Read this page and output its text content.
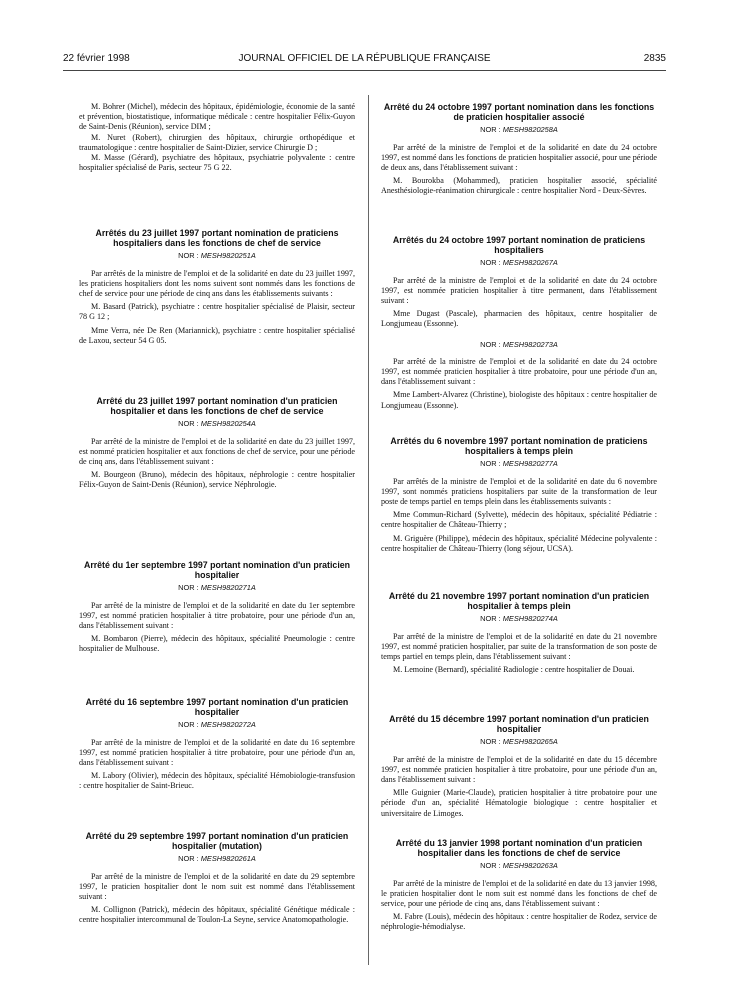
22 février 1998	JOURNAL OFFICIEL DE LA RÉPUBLIQUE FRANÇAISE	2835

M. Bohrer (Michel), médecin des hôpitaux, épidémiologie, économie de la santé et prévention, biostatistique, informatique médicale : centre hospitalier Félix-Guyon de Saint-Denis (Réunion), service DIM ;

M. Nuret (Robert), chirurgien des hôpitaux, chirurgie orthopédique et traumatologique : centre hospitalier de Saint-Dizier, service Chirurgie D ;

M. Masse (Gérard), psychiatre des hôpitaux, psychiatrie polyvalente : centre hospitalier spécialisé de Paris, secteur 75 G 22.

Arrêtés du 23 juillet 1997 portant nomination de praticiens hospitaliers dans les fonctions de chef de service
NOR : MESH9820251A

Par arrêtés de la ministre de l'emploi et de la solidarité en date du 23 juillet 1997, les praticiens hospitaliers dont les noms suivent sont nommés dans les fonctions de chef de service pour une période de cinq ans dans les établissements suivants :

M. Basard (Patrick), psychiatre : centre hospitalier spécialisé de Plaisir, secteur 78 G 12 ;

Mme Verra, née De Ren (Mariannick), psychiatre : centre hospitalier spécialisé de Laxou, secteur 54 G 05.

Arrêté du 23 juillet 1997 portant nomination d'un praticien hospitalier et dans les fonctions de chef de service
NOR : MESH9820254A

Par arrêté de la ministre de l'emploi et de la solidarité en date du 23 juillet 1997, est nommé praticien hospitalier et aux fonctions de chef de service, pour une période de cinq ans, dans l'établissement suivant :

M. Bourgeon (Bruno), médecin des hôpitaux, néphrologie : centre hospitalier Félix-Guyon de Saint-Denis (Réunion), service Néphrologie.

Arrêté du 1er septembre 1997 portant nomination d'un praticien hospitalier
NOR : MESH9820271A

Par arrêté de la ministre de l'emploi et de la solidarité en date du 1er septembre 1997, est nommé praticien hospitalier à titre probatoire, pour une période d'un an, dans l'établissement suivant :

M. Bombaron (Pierre), médecin des hôpitaux, spécialité Pneumologie : centre hospitalier de Mulhouse.

Arrêté du 16 septembre 1997 portant nomination d'un praticien hospitalier
NOR : MESH9820272A

Par arrêté de la ministre de l'emploi et de la solidarité en date du 16 septembre 1997, est nommé praticien hospitalier à titre probatoire, pour une période d'un an, dans l'établissement suivant :

M. Labory (Olivier), médecin des hôpitaux, spécialité Hémobiologie-transfusion : centre hospitalier de Saint-Brieuc.

Arrêté du 29 septembre 1997 portant nomination d'un praticien hospitalier (mutation)
NOR : MESH9820261A

Par arrêté de la ministre de l'emploi et de la solidarité en date du 29 septembre 1997, le praticien hospitalier dont le nom suit est nommé dans l'établissement suivant :

M. Collignon (Patrick), médecin des hôpitaux, spécialité Génétique médicale : centre hospitalier intercommunal de Toulon-La Seyne, service Anatomopathologie.

Arrêté du 24 octobre 1997 portant nomination dans les fonctions de praticien hospitalier associé
NOR : MESH9820258A

Par arrêté de la ministre de l'emploi et de la solidarité en date du 24 octobre 1997, est nommé dans les fonctions de praticien hospitalier associé, pour une période de deux ans, dans l'établissement suivant :

M. Bourokba (Mohammed), praticien hospitalier associé, spécialité Anesthésiologie-réanimation chirurgicale : centre hospitalier Nord - Deux-Sèvres.

Arrêtés du 24 octobre 1997 portant nomination de praticiens hospitaliers
NOR : MESH9820267A

Par arrêté de la ministre de l'emploi et de la solidarité en date du 24 octobre 1997, est nommée praticien hospitalier à titre permanent, dans l'établissement suivant :

Mme Dugast (Pascale), pharmacien des hôpitaux, centre hospitalier de Longjumeau (Essonne).

NOR : MESH9820273A

Par arrêté de la ministre de l'emploi et de la solidarité en date du 24 octobre 1997, est nommée praticien hospitalier à titre probatoire, pour une période d'un an, dans l'établissement suivant :

Mme Lambert-Alvarez (Christine), biologiste des hôpitaux : centre hospitalier de Longjumeau (Essonne).

Arrêtés du 6 novembre 1997 portant nomination de praticiens hospitaliers à temps plein
NOR : MESH9820277A

Par arrêtés de la ministre de l'emploi et de la solidarité en date du 6 novembre 1997, sont nommés praticiens hospitaliers par suite de la transformation de leur poste de temps partiel en temps plein dans les établissements suivants :

Mme Commun-Richard (Sylvette), médecin des hôpitaux, spécialité Pédiatrie : centre hospitalier de Château-Thierry ;

M. Griguère (Philippe), médecin des hôpitaux, spécialité Médecine polyvalente : centre hospitalier de Château-Thierry (long séjour, UCSA).

Arrêté du 21 novembre 1997 portant nomination d'un praticien hospitalier à temps plein
NOR : MESH9820274A

Par arrêté de la ministre de l'emploi et de la solidarité en date du 21 novembre 1997, est nommé praticien hospitalier, par suite de la transformation de son poste de temps partiel en temps plein, dans l'établissement suivant :

M. Lemoine (Bernard), spécialité Radiologie : centre hospitalier de Douai.

Arrêté du 15 décembre 1997 portant nomination d'un praticien hospitalier
NOR : MESH9820265A

Par arrêté de la ministre de l'emploi et de la solidarité en date du 15 décembre 1997, est nommée praticien hospitalier à titre probatoire, pour une période d'un an, dans l'établissement suivant :

Mlle Guignier (Marie-Claude), praticien hospitalier à titre probatoire pour une période d'un an, spécialité Hématologie biologique : centre hospitalier et universitaire de Limoges.

Arrêté du 13 janvier 1998 portant nomination d'un praticien hospitalier dans les fonctions de chef de service
NOR : MESH9820263A

Par arrêté de la ministre de l'emploi et de la solidarité en date du 13 janvier 1998, le praticien hospitalier dont le nom suit est nommé dans les fonctions de chef de service, pour une période de cinq ans, dans l'établissement suivant :

M. Fabre (Louis), médecin des hôpitaux : centre hospitalier de Rodez, service de néphrologie-hémodialyse.
